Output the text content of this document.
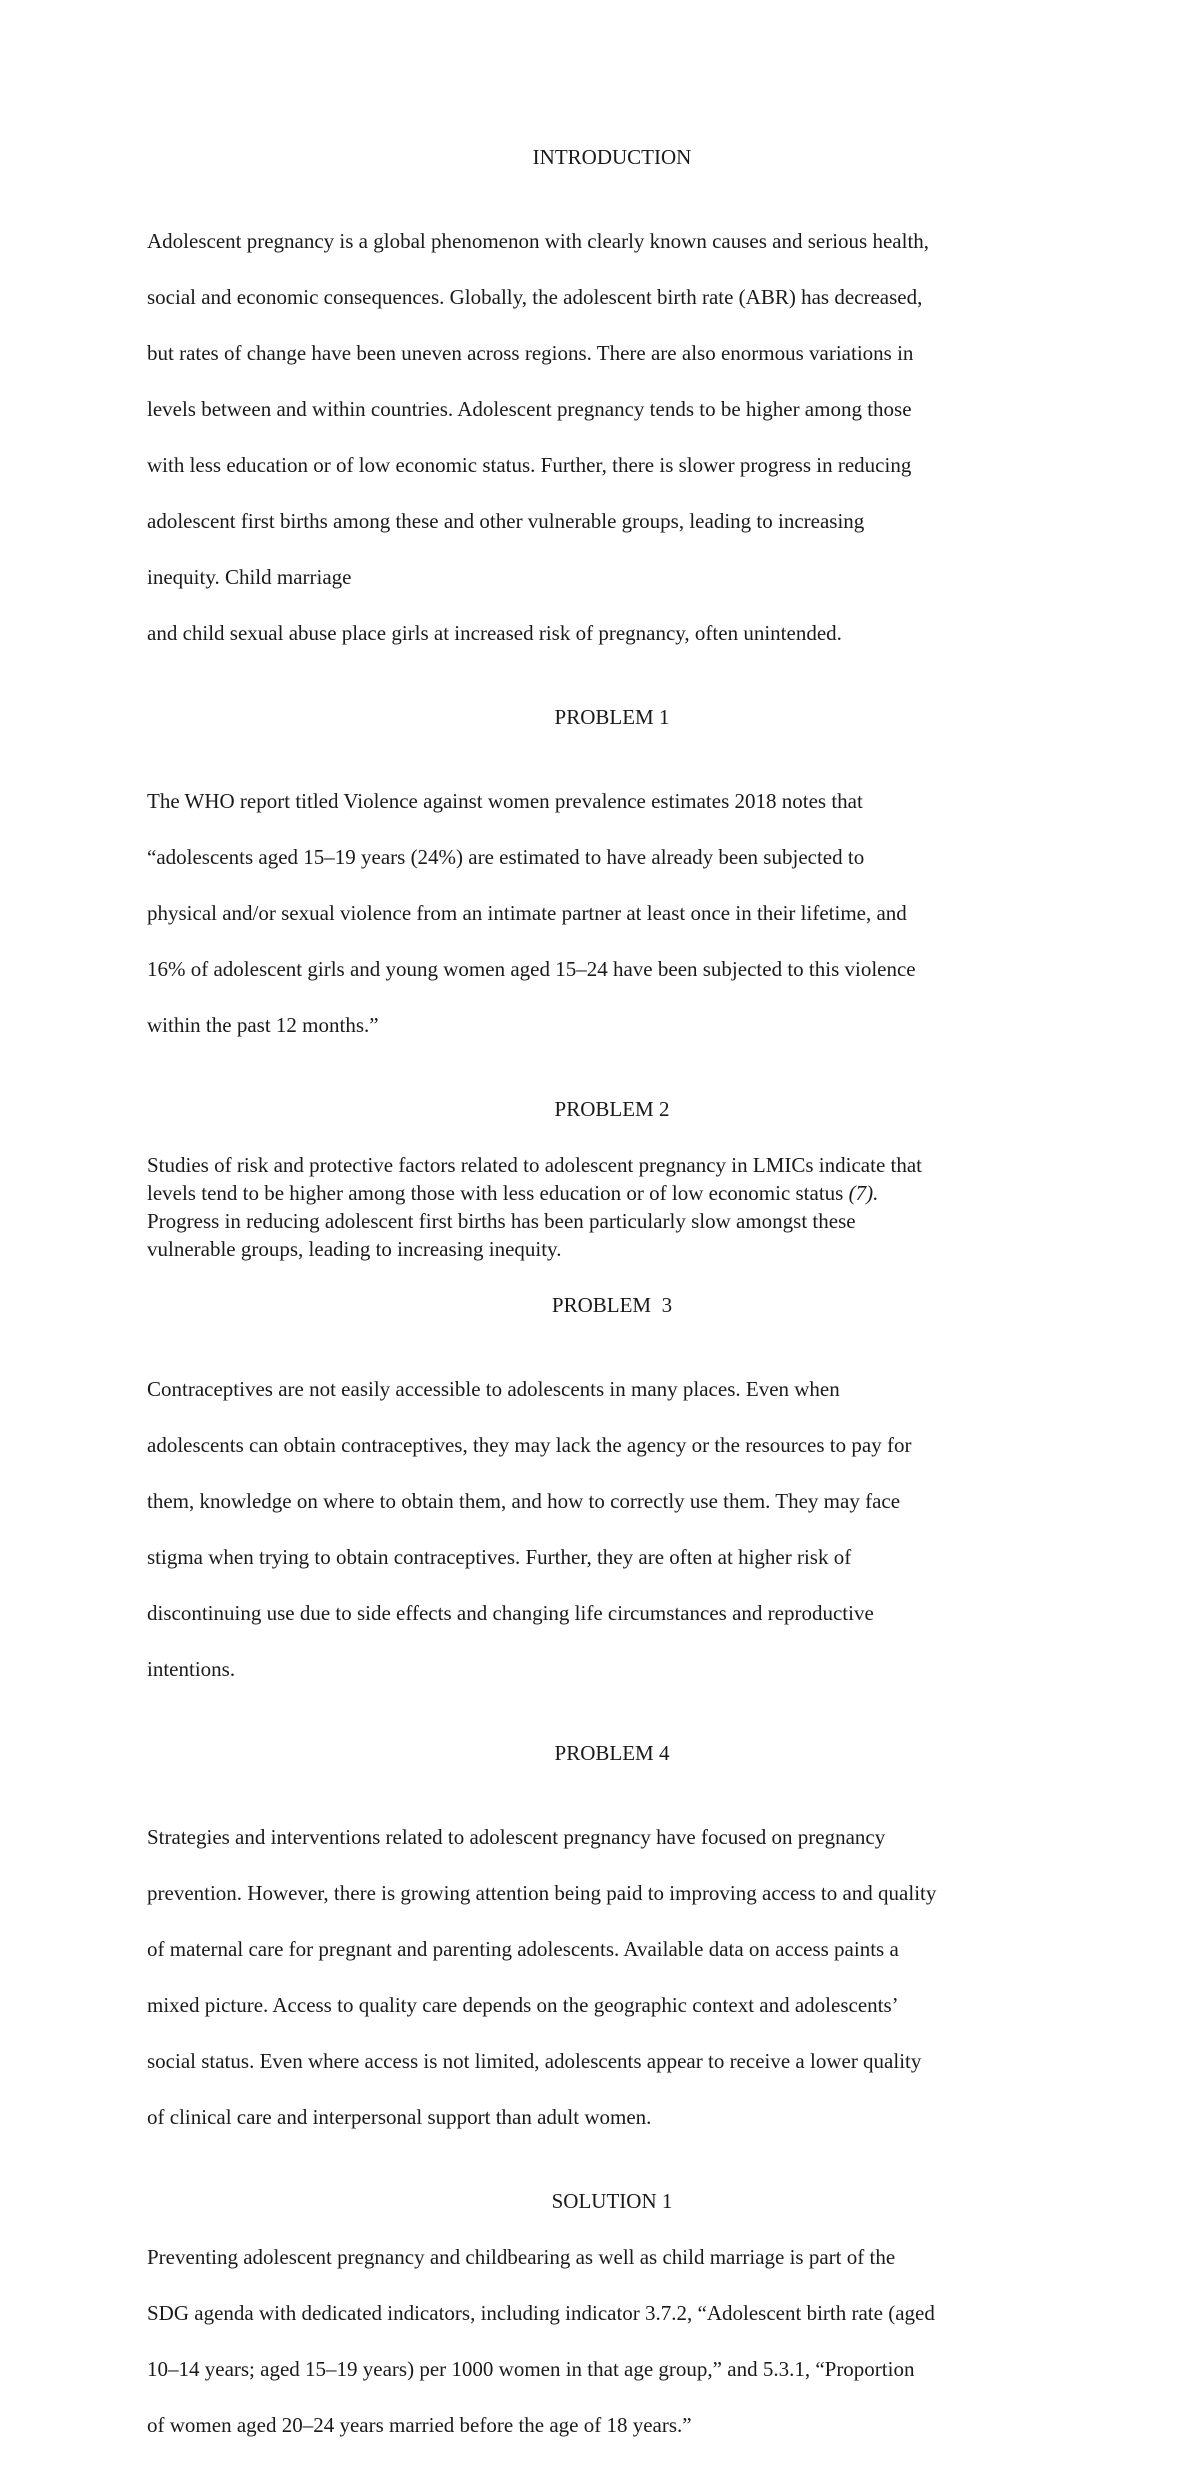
INTRODUCTION

Adolescent pregnancy is a global phenomenon with clearly known causes and serious health,

social and economic consequences. Globally, the adolescent birth rate (ABR) has decreased,

but rates of change have been uneven across regions. There are also enormous variations in

levels between and within countries. Adolescent pregnancy tends to be higher among those

with less education or of low economic status. Further, there is slower progress in reducing

adolescent first births among these and other vulnerable groups, leading to increasing

inequity. Child marriage

and child sexual abuse place girls at increased risk of pregnancy, often unintended.

PROBLEM 1

The WHO report titled Violence against women prevalence estimates 2018 notes that

“adolescents aged 15–19 years (24%) are estimated to have already been subjected to

physical and/or sexual violence from an intimate partner at least once in their lifetime, and

16% of adolescent girls and young women aged 15–24 have been subjected to this violence

within the past 12 months.”

PROBLEM 2
Studies of risk and protective factors related to adolescent pregnancy in LMICs indicate that
levels tend to be higher among those with less education or of low economic status (7).
Progress in reducing adolescent first births has been particularly slow amongst these
vulnerable groups, leading to increasing inequity.
PROBLEM  3

Contraceptives are not easily accessible to adolescents in many places. Even when

adolescents can obtain contraceptives, they may lack the agency or the resources to pay for

them, knowledge on where to obtain them, and how to correctly use them. They may face

stigma when trying to obtain contraceptives. Further, they are often at higher risk of

discontinuing use due to side effects and changing life circumstances and reproductive

intentions.

PROBLEM 4

Strategies and interventions related to adolescent pregnancy have focused on pregnancy

prevention. However, there is growing attention being paid to improving access to and quality

of maternal care for pregnant and parenting adolescents. Available data on access paints a

mixed picture. Access to quality care depends on the geographic context and adolescents’

social status. Even where access is not limited, adolescents appear to receive a lower quality

of clinical care and interpersonal support than adult women.

SOLUTION 1

Preventing adolescent pregnancy and childbearing as well as child marriage is part of the

SDG agenda with dedicated indicators, including indicator 3.7.2, “Adolescent birth rate (aged

10–14 years; aged 15–19 years) per 1000 women in that age group,” and 5.3.1, “Proportion

of women aged 20–24 years married before the age of 18 years.”
